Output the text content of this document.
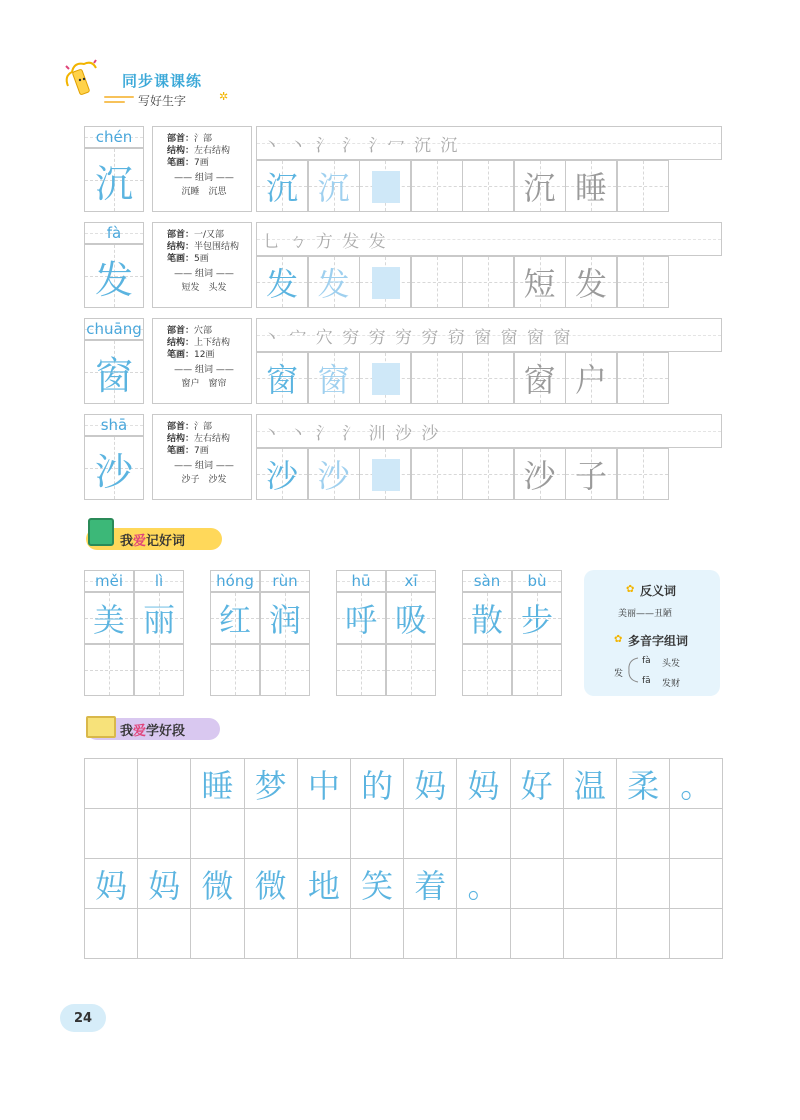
同步课课练
写好生字	✲
chén
沉
部首：氵部
结构：左右结构
笔画：7画
—— 组词 ——
沉睡　沉思
丶 丶 氵 氵 氵冖 沉 沉
沉 沉	沉 睡
fà
发
部首：⼀/又部
结构：半包围结构
笔画：5画
—— 组词 ——
短发　头发
乚 ㄅ 方 发 发
发 发	短 发
chuāng
窗
部首：穴部
结构：上下结构
笔画：12画
—— 组词 ——
窗户　窗帘
丶 宀 穴 穷 穷 穷 穷 窃 窗 窗 窗 窗
窗 窗	窗 户
shā
沙
部首：氵部
结构：左右结构
笔画：7画
—— 组词 ——
沙子　沙发
丶 丶 氵 氵 汌 沙 沙
沙 沙	沙 子
我 爱 记好词
měi
美
lì
丽
hóng
红
rùn
润
hū
呼
xī
吸
sàn
散
bù
步
✿ 反义词
美丽——丑陋
✿ 多音字组词
发
fà 头发
fā 发财
我 爱 学好段
睡 梦 中 的 妈 妈 好 温 柔 。
妈 妈 微 微 地 笑 着 。
24
